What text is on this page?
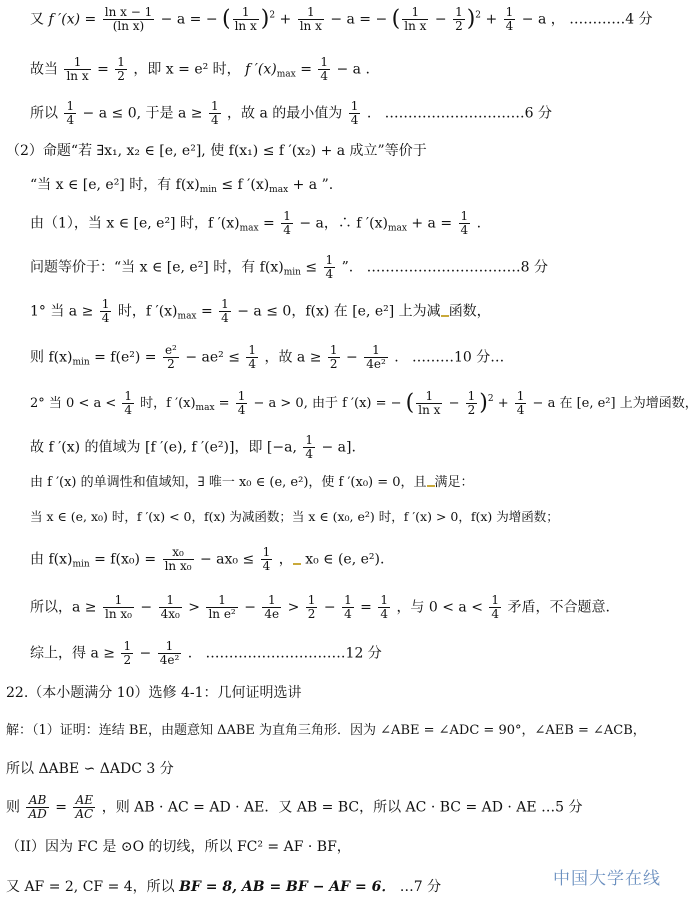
又 f $'(x) = \frac{\text{ln x − 1}}{\text{(ln x)}} - a$ = − ( $\frac{1}{\text{ln x}} )^2 + \frac{1}{\text{ln x}} - a$ = − ( $\frac{1}{\text{ln x}} - \frac{1}{2} )^2 + \frac{1}{4} - a$ ， …………4 分
故当 $\frac{1}{\text{ln x}} = \frac{1}{2}$ ，即 x = e² 时， f $'(x)_{max} = \frac{1}{4} - a$ .
所以 $\frac{1}{4} - a \le 0$, 于是 $a \ge \frac{1}{4}$ ，故 a 的最小值为 $\frac{1}{4}$ . …………………………6 分
（2）命题“若 ∃x₁, x₂ ∈ [e, e²], 使 f(x₁) ≤ f ′(x₂) + a 成立”等价于
“当 x ∈ [e, e²] 时，有 $f(x)_{min} \le f$ $'(x)_{max} + a$ ”.
由（1），当 x ∈ [e, e²] 时，f $'(x)_{max} = \frac{1}{4} - a$，∴ f $'(x)_{max} + a = \frac{1}{4}$ .
问题等价于：“当 x ∈ [e, e²] 时，有 $f(x)_{min} \le \frac{1}{4}$ ”. ……………………………8 分
1° 当 $a \ge \frac{1}{4}$ 时，f $'(x)_{max} = \frac{1}{4} - a \le 0$，f(x) 在 [e, e²] 上为减 函数，
则 $f(x)_{min} = f(e^2) = \frac{\text{e²}}{2} - ae^2 \le \frac{1}{4}$ ，故 $a \ge \frac{1}{2} - \frac{1}{\text{4e²}}$ . ………10 分…
2° 当 $0 < a < \frac{1}{4}$ 时，f $'(x)_{max} = \frac{1}{4} - a > 0$, 由于 f ′(x) = − ( $\frac{1}{\text{ln x}} - \frac{1}{2} )^2 + \frac{1}{4} - a$ 在 [e, e²] 上为增函数，
故 f ′(x) 的值域为 [f ′(e), f ′(e²)]，即 [−a, $\frac{1}{4} - a$].
由 f ′(x) 的单调性和值域知，∃ 唯一 x₀ ∈ (e, e²)，使 f ′(x₀) = 0，且 满足：
当 x ∈ (e, x₀) 时，f ′(x) < 0，f(x) 为减函数；当 x ∈ (x₀, e²) 时，f ′(x) > 0，f(x) 为增函数；
由 $f(x)_{min} = f(x_0) = \frac{\text{x₀}}{\text{ln x₀}} - ax_0 \le \frac{1}{4}$ ， x₀ ∈ (e, e²).
所以，$a \ge \frac{1}{\text{ln x₀}} - \frac{1}{\text{4x₀}} > \frac{1}{\text{ln e²}} - \frac{1}{4e} > \frac{1}{2} - \frac{1}{4} = \frac{1}{4}$ ，与 $0 < a < \frac{1}{4}$ 矛盾，不合题意.
综上，得 $a \ge \frac{1}{2} - \frac{1}{\text{4e²}}$ . …………………………12 分
22.（本小题满分 10）选修 4-1：几何证明选讲
解：（1）证明：连结 BE，由题意知 ΔABE 为直角三角形．因为 ∠ABE = ∠ADC = 90°，∠AEB = ∠ACB，
所以 ΔABE ∽ ΔADC 3 分
则 $\frac{AB}{AD} = \frac{AE}{AC}$ ，则 AB · AC = AD · AE．又 AB = BC，所以 AC · BC = AD · AE …5 分
（II）因为 FC 是 ⊙O 的切线，所以 FC² = AF · BF，
又 AF = 2, CF = 4，所以 BF = 8, AB = BF − AF = 6． …7 分	中国大学在线
